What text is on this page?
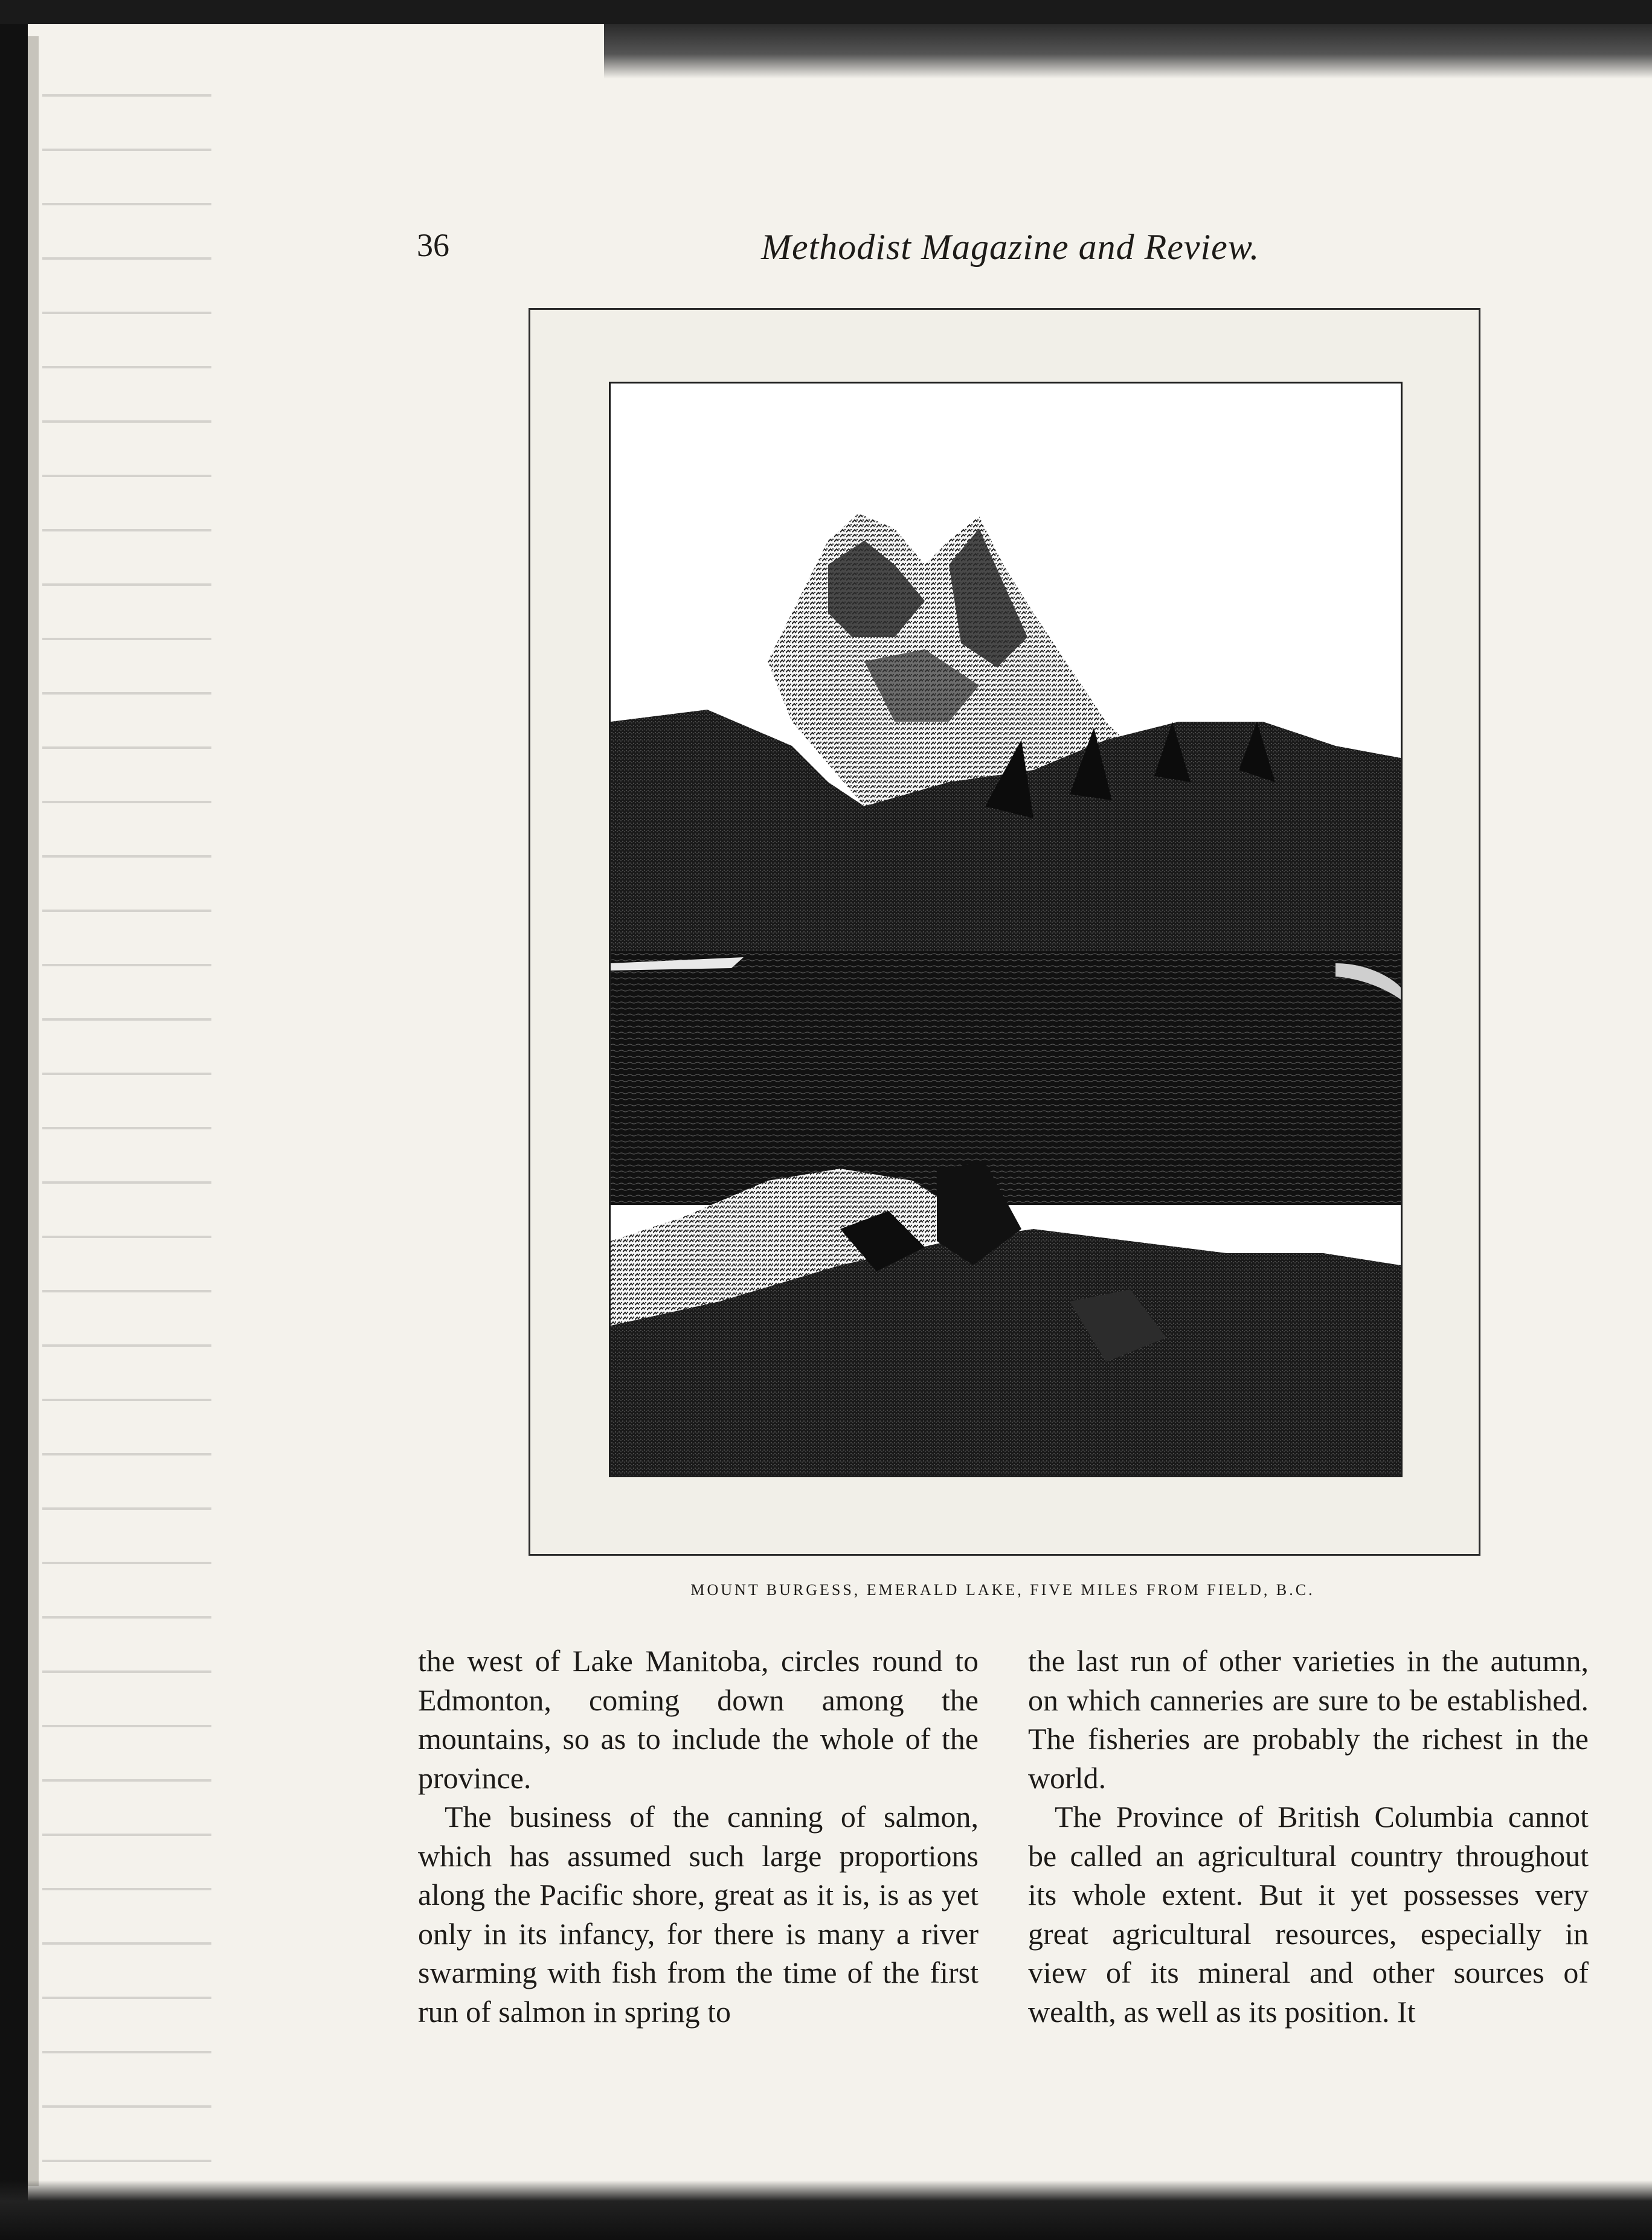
36	Methodist Magazine and Review.
MOUNT BURGESS, EMERALD LAKE, FIVE MILES FROM FIELD, B.C.

the west of Lake Manitoba, circles round to Edmonton, coming down among the mountains, so as to include the whole of the province.

The business of the canning of salmon, which has assumed such large proportions along the Pacific shore, great as it is, is as yet only in its infancy, for there is many a river swarming with fish from the time of the first run of salmon in spring to

the last run of other varieties in the autumn, on which canneries are sure to be established. The fisheries are probably the richest in the world.

The Province of British Columbia cannot be called an agricultural country throughout its whole extent. But it yet possesses very great agricultural resources, especially in view of its mineral and other sources of wealth, as well as its position. It
